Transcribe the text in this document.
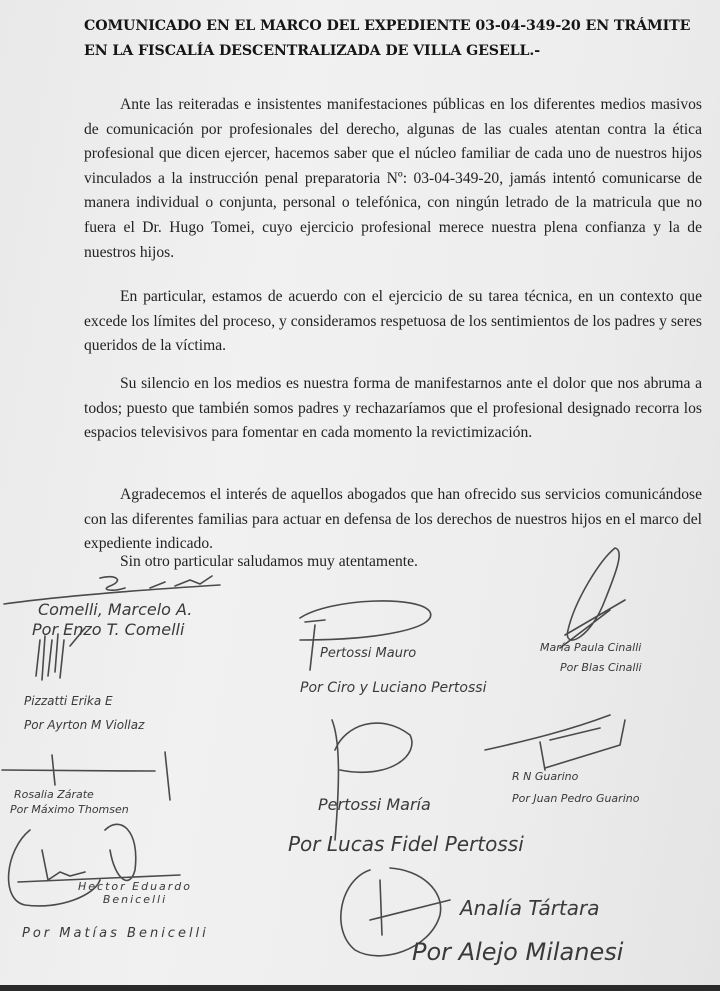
COMUNICADO EN EL MARCO DEL EXPEDIENTE 03-04-349-20 EN TRÁMITE EN LA FISCALÍA DESCENTRALIZADA DE VILLA GESELL.-
Ante las reiteradas e insistentes manifestaciones públicas en los diferentes medios masivos de comunicación por profesionales del derecho, algunas de las cuales atentan contra la ética profesional que dicen ejercer, hacemos saber que el núcleo familiar de cada uno de nuestros hijos vinculados a la instrucción penal preparatoria Nº: 03-04-349-20, jamás intentó comunicarse de manera individual o conjunta, personal o telefónica, con ningún letrado de la matricula que no fuera el Dr. Hugo Tomei, cuyo ejercicio profesional merece nuestra plena confianza y la de nuestros hijos.
En particular, estamos de acuerdo con el ejercicio de su tarea técnica, en un contexto que excede los límites del proceso, y consideramos respetuosa de los sentimientos de los padres y seres queridos de la víctima.
Su silencio en los medios es nuestra forma de manifestarnos ante el dolor que nos abruma a todos; puesto que también somos padres y rechazaríamos que el profesional designado recorra los espacios televisivos para fomentar en cada momento la revictimización.
Agradecemos el interés de aquellos abogados que han ofrecido sus servicios comunicándose con las diferentes familias para actuar en defensa de los derechos de nuestros hijos en el marco del expediente indicado.
Sin otro particular saludamos muy atentamente.
Comelli, Marcelo A.
Por Enzo T. Comelli
Pertossi Mauro
Por Ciro y Luciano Pertossi
María Paula Cinalli
Por Blas Cinalli
Pizzatti Erika E
Por Ayrton M Viollaz
Rosalia Zárate
Por Máximo Thomsen	Pertossi María
Por Lucas Fidel Pertossi
R N Guarino
Por Juan Pedro Guarino
Hector Eduardo Benicelli
Por Matías Benicelli
Analía Tártara
Por Alejo Milanesi
